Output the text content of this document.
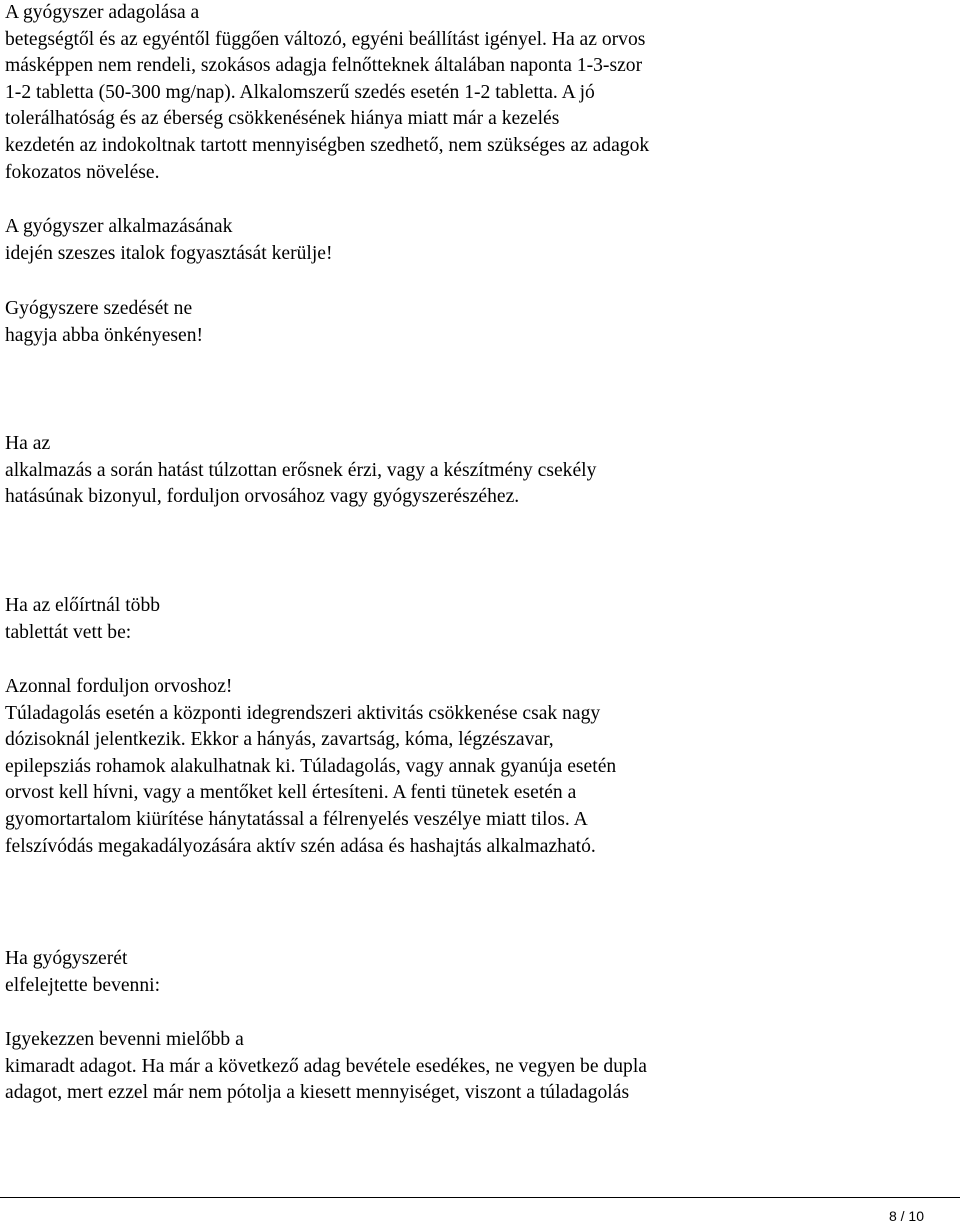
A gyógyszer adagolása a
betegségtől és az egyéntől függően változó, egyéni beállítást igényel. Ha az orvos
másképpen nem rendeli, szokásos adagja felnőtteknek általában naponta 1-3-szor
1-2 tabletta (50-300 mg/nap). Alkalomszerű szedés esetén 1-2 tabletta. A jó
tolerálhatóság és az éberség csökkenésének hiánya miatt már a kezelés
kezdetén az indokoltnak tartott mennyiségben szedhető, nem szükséges az adagok
fokozatos növelése.

A gyógyszer alkalmazásának
idején szeszes italok fogyasztását kerülje!

Gyógyszere szedését ne
hagyja abba önkényesen!

Ha az
alkalmazás a során hatást túlzottan erősnek érzi, vagy a készítmény csekély
hatásúnak bizonyul, forduljon orvosához vagy gyógyszerészéhez.

Ha az előírtnál több
tablettát vett be:

Azonnal forduljon orvoshoz!
Túladagolás esetén a központi idegrendszeri aktivitás csökkenése csak nagy
dózisoknál jelentkezik. Ekkor a hányás, zavartság, kóma, légzészavar,
epilepsziás rohamok alakulhatnak ki. Túladagolás, vagy annak gyanúja esetén
orvost kell hívni, vagy a mentőket kell értesíteni. A fenti tünetek esetén a
gyomortartalom kiürítése hánytatással a félrenyelés veszélye miatt tilos. A
felszívódás megakadályozására aktív szén adása és hashajtás alkalmazható.

Ha gyógyszerét
elfelejtette bevenni:

Igyekezzen bevenni mielőbb a
kimaradt adagot. Ha már a következő adag bevétele esedékes, ne vegyen be dupla
adagot, mert ezzel már nem pótolja a kiesett mennyiséget, viszont a túladagolás

8 / 10
